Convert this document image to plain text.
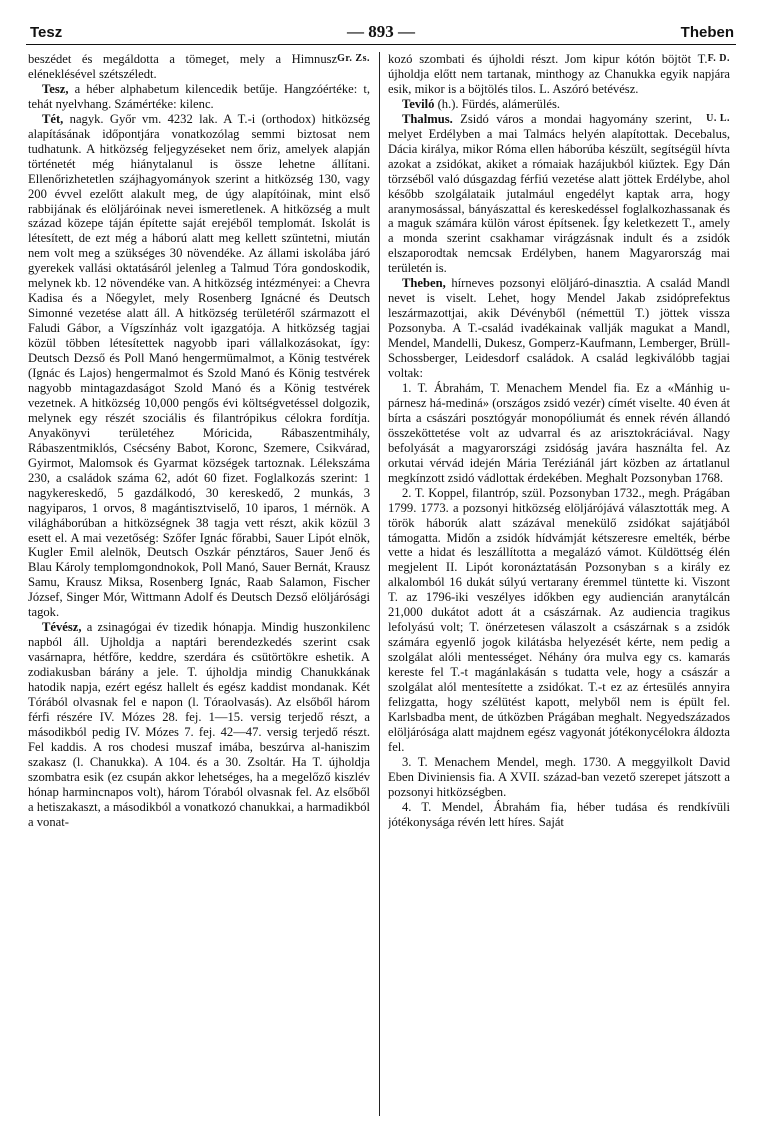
Tesz	— 893 —	Theben

Gr. Zs.
beszédet és megáldotta a tömeget, mely a Himnusz eléneklésével szétszéledt.

Tesz, a héber alphabetum kilencedik betűje. Hangzóértéke: t, tehát nyelvhang. Számértéke: kilenc.

Tét, nagyk. Győr vm. 4232 lak. A T.-i (orthodox) hitközség alapításának időpontjára vonatkozólag semmi biztosat nem tudhatunk. A hitközség feljegyzéseket nem őriz, amelyek alapján történetét még hiánytalanul is össze lehetne állítani. Ellenőrizhetetlen szájhagyományok szerint a hitközség 130, vagy 200 évvel ezelőtt alakult meg, de úgy alapítóinak, mint első rabbijának és elöljáróinak nevei ismeretlenek. A hitközség a mult század közepe táján építette saját erejéből templomát. Iskolát is létesített, de ezt még a háború alatt meg kellett szüntetni, miután nem volt meg a szükséges 30 növendéke. Az állami iskolába járó gyerekek vallási oktatásáról jelenleg a Talmud Tóra gondoskodik, melynek kb. 12 növendéke van. A hitközség intézményei: a Chevra Kadisa és a Nőegylet, mely Rosenberg Ignácné és Deutsch Simonné vezetése alatt áll. A hitközség területéről származott el Faludi Gábor, a Vígszínház volt igazgatója. A hitközség tagjai közül többen létesítettek nagyobb ipari vállalkozásokat, így: Deutsch Dezső és Poll Manó hengermümalmot, a König testvérek (Ignác és Lajos) hengermalmot és Szold Manó és König testvérek nagyobb mintagazdaságot Szold Manó és a König testvérek vezetnek. A hitközség 10,000 pengős évi költségvetéssel dolgozik, melynek egy részét szociális és filantrópikus célokra fordítja. Anyakönyvi területéhez Móricida, Rábaszentmihály, Rábaszentmiklós, Csécsény Babot, Koronc, Szemere, Csikvárad, Gyirmot, Malomsok és Gyarmat községek tartoznak. Lélekszáma 230, a családok száma 62, adót 60 fizet. Foglalkozás szerint: 1 nagykereskedő, 5 gazdálkodó, 30 kereskedő, 2 munkás, 3 nagyiparos, 1 orvos, 8 magántisztviselő, 10 iparos, 1 mérnök. A világháborúban a hitközségnek 38 tagja vett részt, akik közül 3 esett el. A mai vezetőség: Szőfer Ignác főrabbi, Sauer Lipót elnök, Kugler Emil alelnök, Deutsch Oszkár pénztáros, Sauer Jenő és Blau Károly templomgondnokok, Poll Manó, Sauer Bernát, Krausz Samu, Krausz Miksa, Rosenberg Ignác, Raab Salamon, Fischer József, Singer Mór, Wittmann Adolf és Deutsch Dezső elöljárósági tagok.

Tévész, a zsinagógai év tizedik hónapja. Mindig huszonkilenc napból áll. Ujholdja a naptári berendezkedés szerint csak vasárnapra, hétfőre, keddre, szerdára és csütörtökre eshetik. A zodiakusban bárány a jele. T. újholdja mindig Chanukkának hatodik napja, ezért egész hallelt és egész kaddist mondanak. Két Tórából olvasnak fel e napon (l. Tóraolvasás). Az elsőből három férfi részére IV. Mózes 28. fej. 1—15. versig terjedő részt, a másodikból pedig IV. Mózes 7. fej. 42—47. versig terjedő részt. Fel kaddis. A ros chodesi muszaf imába, beszúrva al-haniszim szakasz (l. Chanukka). A 104. és a 30. Zsoltár. Ha T. újholdja szombatra esik (ez csupán akkor lehetséges, ha a megelőző kiszlév hónap harmincnapos volt), három Tóraból olvasnak fel. Az elsőből a hetiszakaszt, a másodikból a vonatkozó chanukkai, a harmadikból a vonat-

F. D.
kozó szombati és újholdi részt. Jom kipur kótón böjtöt T. újholdja előtt nem tartanak, minthogy az Chanukka egyik napjára esik, mikor is a böjtölés tilos. L. Aszóró betévész.

Teviló (h.). Fürdés, alámerülés.

U. L.
Thalmus. Zsidó város a mondai hagyomány szerint, melyet Erdélyben a mai Talmács helyén alapítottak. Decebalus, Dácia királya, mikor Róma ellen háborúba készült, segítségül hívta azokat a zsidókat, akiket a rómaiak hazájukból kiűztek. Egy Dán törzséből való dúsgazdag férfiú vezetése alatt jöttek Erdélybe, ahol később szolgálataik jutalmául engedélyt kaptak arra, hogy aranymosással, bányászattal és kereskedéssel foglalkozhassanak és a maguk számára külön várost építsenek. Így keletkezett T., amely a monda szerint csakhamar virágzásnak indult és a zsidók elszaporodtak nemcsak Erdélyben, hanem Magyarország mai területén is.

Theben, hírneves pozsonyi elöljáró-dinasztia. A család Mandl nevet is viselt. Lehet, hogy Mendel Jakab zsidóprefektus leszármazottjai, akik Dévényből (némettül T.) jöttek vissza Pozsonyba. A T.-család ivadékainak vallják magukat a Mandl, Mendel, Mandelli, Dukesz, Gomperz-Kaufmann, Lemberger, Brüll-Schossberger, Leidesdorf családok. A család legkiválóbb tagjai voltak:

1. T. Ábrahám, T. Menachem Mendel fia. Ez a «Mánhig u-párnesz há-mediná» (országos zsidó vezér) címét viselte. 40 éven át bírta a császári posztógyár monopóliumát és ennek révén állandó összeköttetése volt az udvarral és az arisztokráciával. Nagy befolyását a magyarországi zsidóság javára használta fel. Az orkutai vérvád idején Mária Teréziánál járt közben az ártatlanul megkínzott zsidó vádlottak érdekében. Meghalt Pozsonyban 1768.

2. T. Koppel, filantróp, szül. Pozsonyban 1732., megh. Prágában 1799. 1773. a pozsonyi hitközség elöljárójává választották meg. A török háborúk alatt százával menekülő zsidókat sajátjából támogatta. Midőn a zsidók hídvámját kétszeresre emelték, bérbe vette a hidat és leszállította a megalázó vámot. Küldöttség élén megjelent II. Lipót koronáztatásán Pozsonyban s a király ez alkalomból 16 dukát súlyú vertarany éremmel tüntette ki. Viszont T. az 1796-iki veszélyes időkben egy audiencián aranytálcán 21,000 dukátot adott át a császárnak. Az audiencia tragikus lefolyású volt; T. önérzetesen válaszolt a császárnak s a zsidók számára egyenlő jogok kilátásba helyezését kérte, nem pedig a szolgálat alóli mentességet. Néhány óra mulva egy cs. kamarás kereste fel T.-t magánlakásán s tudatta vele, hogy a császár a szolgálat alól mentesítette a zsidókat. T.-t ez az értesülés annyira felizgatta, hogy szélütést kapott, melyből nem is épült fel. Karlsbadba ment, de útközben Prágában meghalt. Negyedszázados elöljárósága alatt majdnem egész vagyonát jótékonycélokra áldozta fel.

3. T. Menachem Mendel, megh. 1730. A meggyilkolt David Eben Diviniensis fia. A XVII. század-ban vezető szerepet játszott a pozsonyi hitközségben.

4. T. Mendel, Ábrahám fia, héber tudása és rendkívüli jótékonysága révén lett híres. Saját
